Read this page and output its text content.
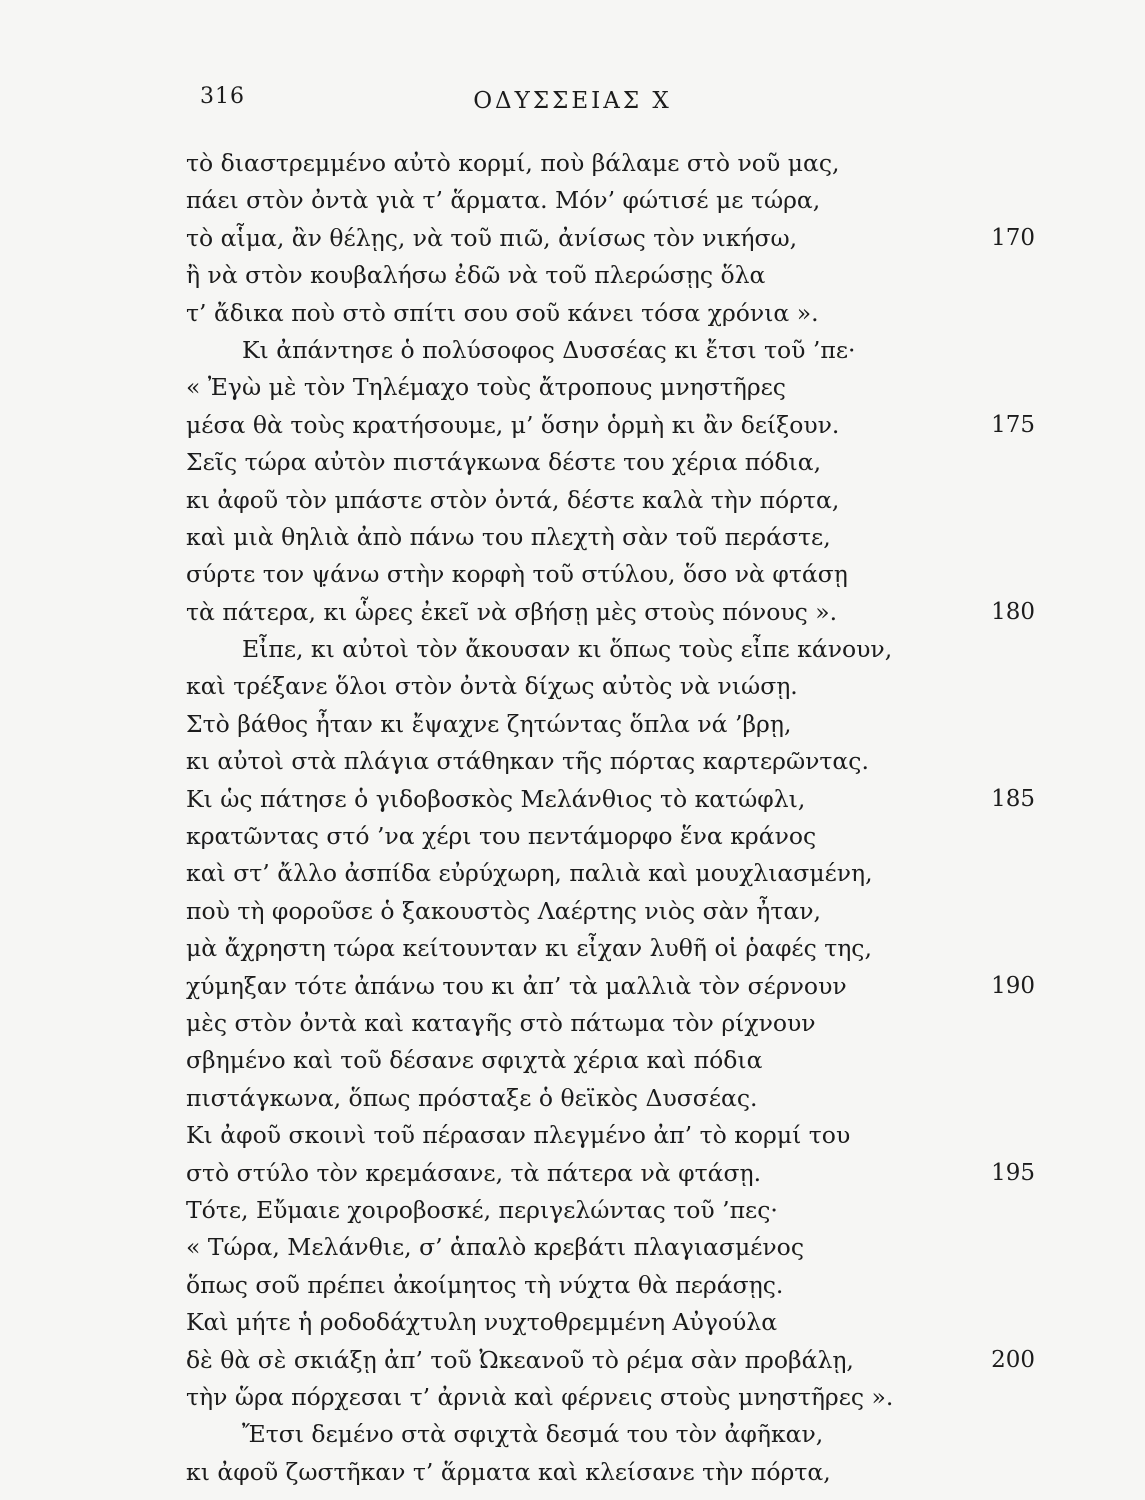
316	ΟΔΥΣΣΕΙΑΣ Χ
τὸ διαστρεμμένο αὐτὸ κορμί, ποὺ βάλαμε στὸ νοῦ μας,
πάει στὸν ὀντὰ γιὰ τ’ ἅρματα. Μόν’ φώτισέ με τώρα,
τὸ αἷμα, ἂν θέλῃς, νὰ τοῦ πιῶ, ἀνίσως τὸν νικήσω,	170
ἢ νὰ στὸν κουβαλήσω ἐδῶ νὰ τοῦ πλερώσῃς ὅλα
τ’ ἄδικα ποὺ στὸ σπίτι σου σοῦ κάνει τόσα χρόνια ».
Κι ἀπάντησε ὁ πολύσοφος Δυσσέας κι ἔτσι τοῦ ’πε·
« Ἐγὼ μὲ τὸν Τηλέμαχο τοὺς ἄτροπους μνηστῆρες
μέσα θὰ τοὺς κρατήσουμε, μ’ ὅσην ὁρμὴ κι ἂν δείξουν.	175
Σεῖς τώρα αὐτὸν πιστάγκωνα δέστε του χέρια πόδια,
κι ἀφοῦ τὸν μπάστε στὸν ὀντά, δέστε καλὰ τὴν πόρτα,
καὶ μιὰ θηλιὰ ἀπὸ πάνω του πλεχτὴ σὰν τοῦ περάστε,
σύρτε τον ψ̣άνω στὴν κορφὴ τοῦ στύλου, ὅσο νὰ φτάσῃ
τὰ πάτερα, κι ὧρες ἐκεῖ νὰ σβήσῃ μὲς στοὺς πόνους ».	180
Εἶπε, κι αὐτοὶ τὸν ἄκουσαν κι ὅπως τοὺς εἶπε κάνουν,
καὶ τρέξανε ὅλοι στὸν ὀντὰ δίχως αὐτὸς νὰ νιώσῃ.
Στὸ βάθος ἦταν κι ἔψαχνε ζητώντας ὅπλα νά ’βρῃ,
κι αὐτοὶ στὰ πλάγια στάθηκαν τῆς πόρτας καρτερῶντας.
Κι ὡς πάτησε ὁ γιδοβοσκὸς Μελάνθιος τὸ κατώφλι,	185
κρατῶντας στό ’να χέρι του πεντάμορφο ἕνα κράνος
καὶ στ’ ἄλλο ἀσπίδα εὐρύχωρη, παλιὰ καὶ μουχλιασμένη,
ποὺ τὴ φοροῦσε ὁ ξακουστὸς Λαέρτης νιὸς σὰν ἦταν,
μὰ ἄχρηστη τώρα κείτουνταν κι εἶχαν λυθῆ οἱ ῥαφές της,
χύμηξαν τότε ἀπάνω του κι ἀπ’ τὰ μαλλιὰ τὸν σέρνουν	190
μὲς στὸν ὀντὰ καὶ καταγῆς στὸ πάτωμα τὸν ρίχνουν
σβημένο καὶ τοῦ δέσανε σφιχτὰ χέρια καὶ πόδια
πιστάγκωνα, ὅπως πρόσταξε ὁ θεϊκὸς Δυσσέας.
Κι ἀφοῦ σκοινὶ τοῦ πέρασαν πλεγμένο ἀπ’ τὸ κορμί του
στὸ στύλο τὸν κρεμάσανε, τὰ πάτερα νὰ φτάσῃ.	195
Τότε, Εὔμαιε χοιροβοσκέ, περιγελώντας τοῦ ’πες·
« Τώρα, Μελάνθιε, σ’ ἁπαλὸ κρεβάτι πλαγιασμένος
ὅπως σοῦ πρέπει ἀκοίμητος τὴ νύχτα θὰ περάσῃς.
Καὶ μήτε ἡ ροδοδάχτυλη νυχτοθρεμμένη Αὐγούλα
δὲ θὰ σὲ σκιάξῃ ἀπ’ τοῦ Ὠκεανοῦ τὸ ρέμα σὰν προβάλῃ,	200
τὴν ὥρα πόρχεσαι τ’ ἀρνιὰ καὶ φέρνεις στοὺς μνηστῆρες ».
Ἔτσι δεμένο στὰ σφιχτὰ δεσμά του τὸν ἀφῆκαν,
κι ἀφοῦ ζωστῆκαν τ’ ἅρματα καὶ κλείσανε τὴν πόρτα,
